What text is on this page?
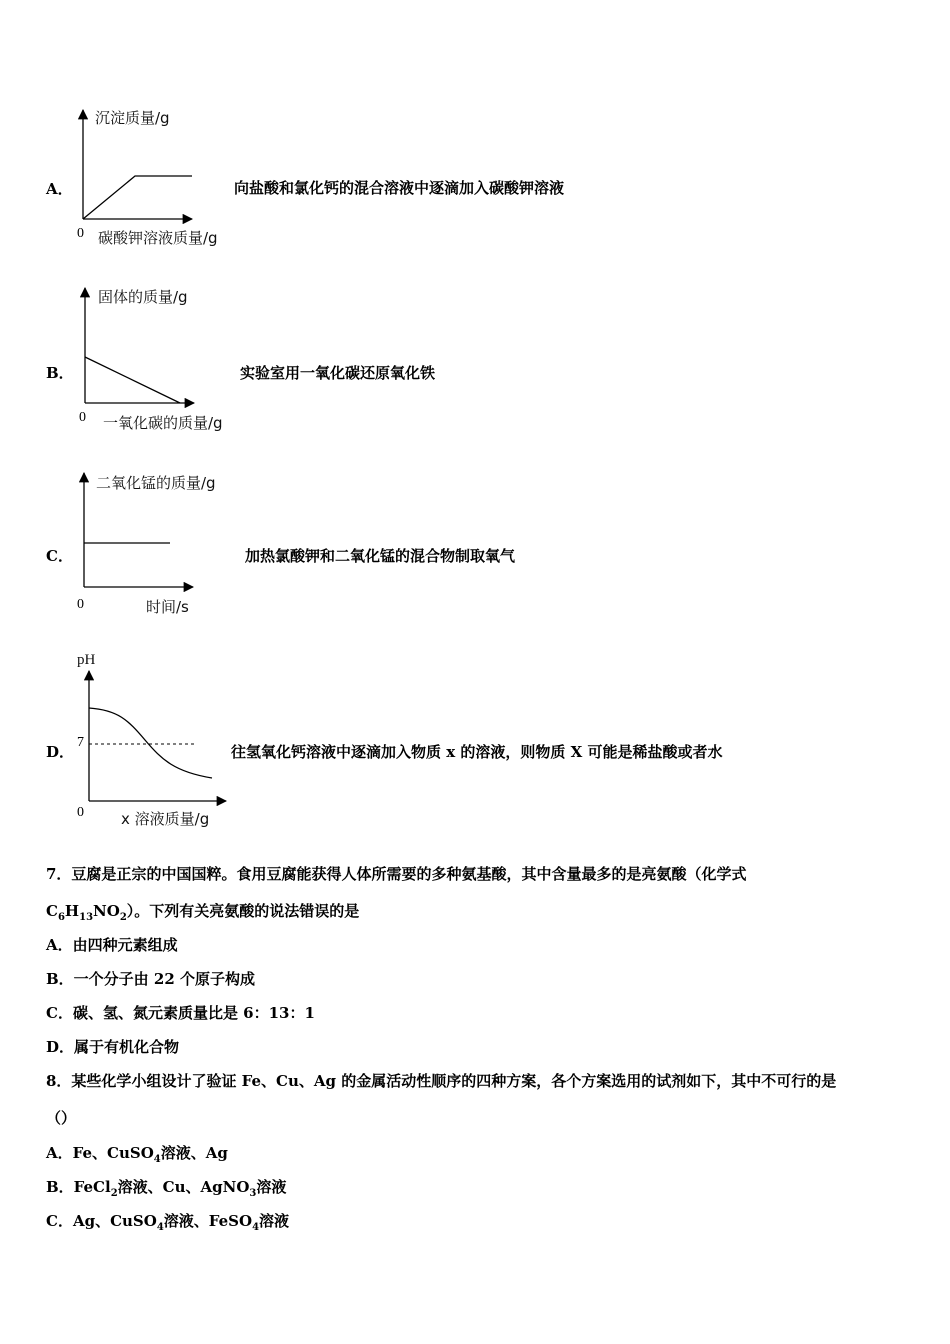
A．
沉淀质量/g
0 碳酸钾溶液质量/g
向盐酸和氯化钙的混合溶液中逐滴加入碳酸钾溶液
B．
固体的质量/g
0 一氧化碳的质量/g
实验室用一氧化碳还原氧化铁
C．
二氧化锰的质量/g
0	时间/s
加热氯酸钾和二氧化锰的混合物制取氧气
D．
pH
7
0 x 溶液质量/g
往氢氧化钙溶液中逐滴加入物质 x 的溶液，则物质 X 可能是稀盐酸或者水
7．豆腐是正宗的中国国粹。食用豆腐能获得人体所需要的多种氨基酸，其中含量最多的是亮氨酸（化学式
$C_6H_{13}NO_2$）。下列有关亮氨酸的说法错误的是
A．由四种元素组成
B．一个分子由 22 个原子构成
C．碳、氢、氮元素质量比是 6：13：1
D．属于有机化合物
8．某些化学小组设计了验证 Fe、Cu、Ag 的金属活动性顺序的四种方案，各个方案选用的试剂如下，其中不可行的是
（）
A．Fe、CuSO$_4$溶液、Ag
B．FeCl$_2$溶液、Cu、AgNO$_3$溶液
C．Ag、CuSO$_4$溶液、FeSO$_4$溶液
